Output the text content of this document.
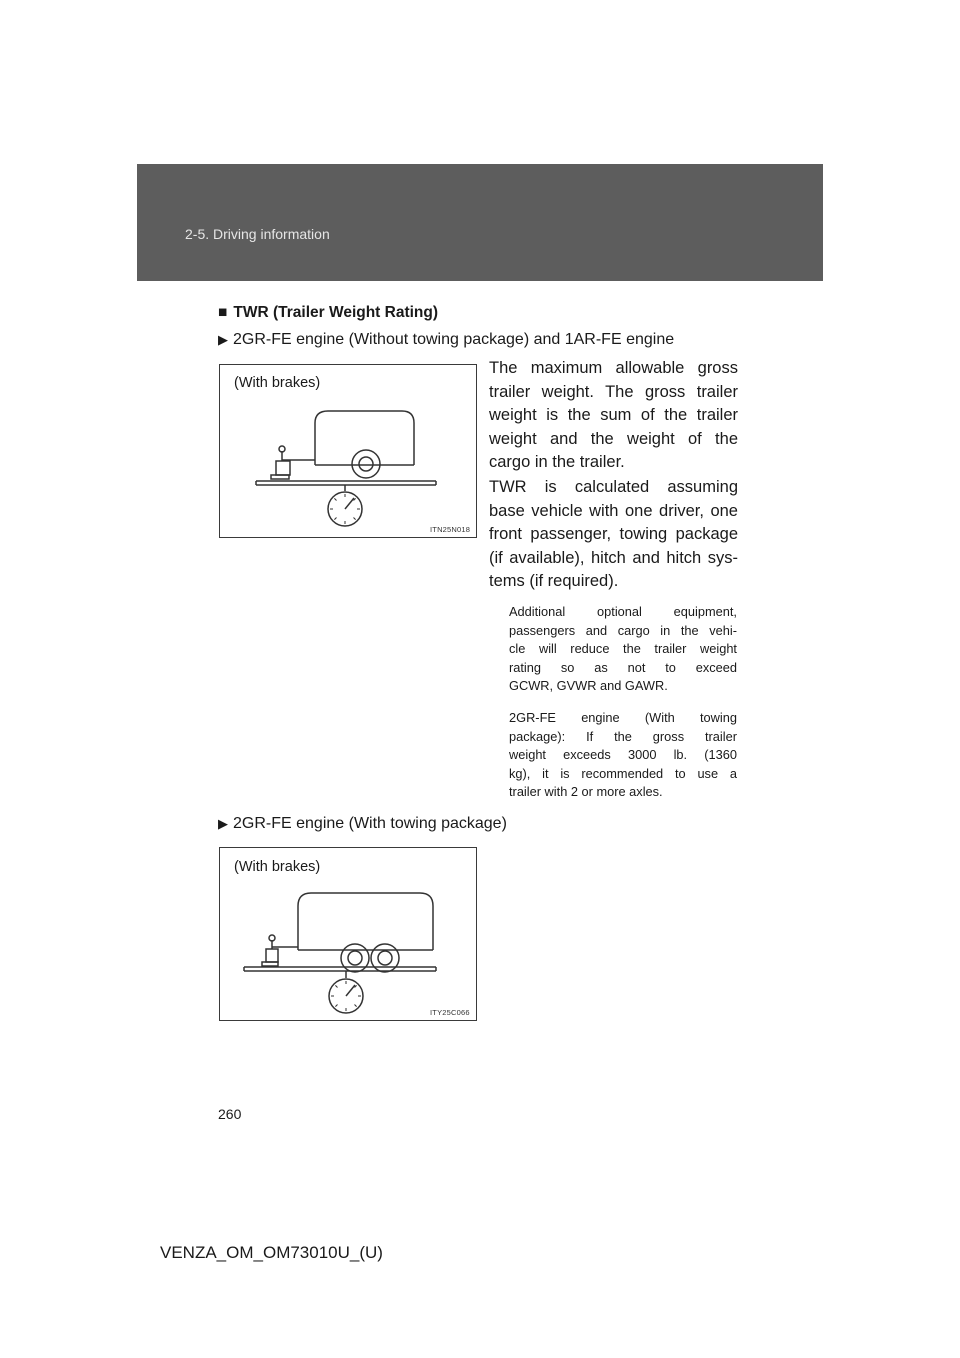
2-5. Driving information
■ TWR (Trailer Weight Rating)
▶ 2GR-FE engine (Without towing package) and 1AR-FE engine
(With brakes)
ITN25N018
The maximum allowable gross
trailer weight. The gross trailer
weight is the sum of the trailer
weight and the weight of the
cargo in the trailer.
TWR is calculated assuming
base vehicle with one driver, one
front passenger, towing package
(if available), hitch and hitch sys-
tems (if required).
Additional optional equipment,
passengers and cargo in the vehi-
cle will reduce the trailer weight
rating so as not to exceed
GCWR, GVWR and GAWR.
2GR-FE engine (With towing
package): If the gross trailer
weight exceeds 3000 lb. (1360
kg), it is recommended to use a
trailer with 2 or more axles.
▶ 2GR-FE engine (With towing package)
(With brakes)
ITY25C066
260
VENZA_OM_OM73010U_(U)
